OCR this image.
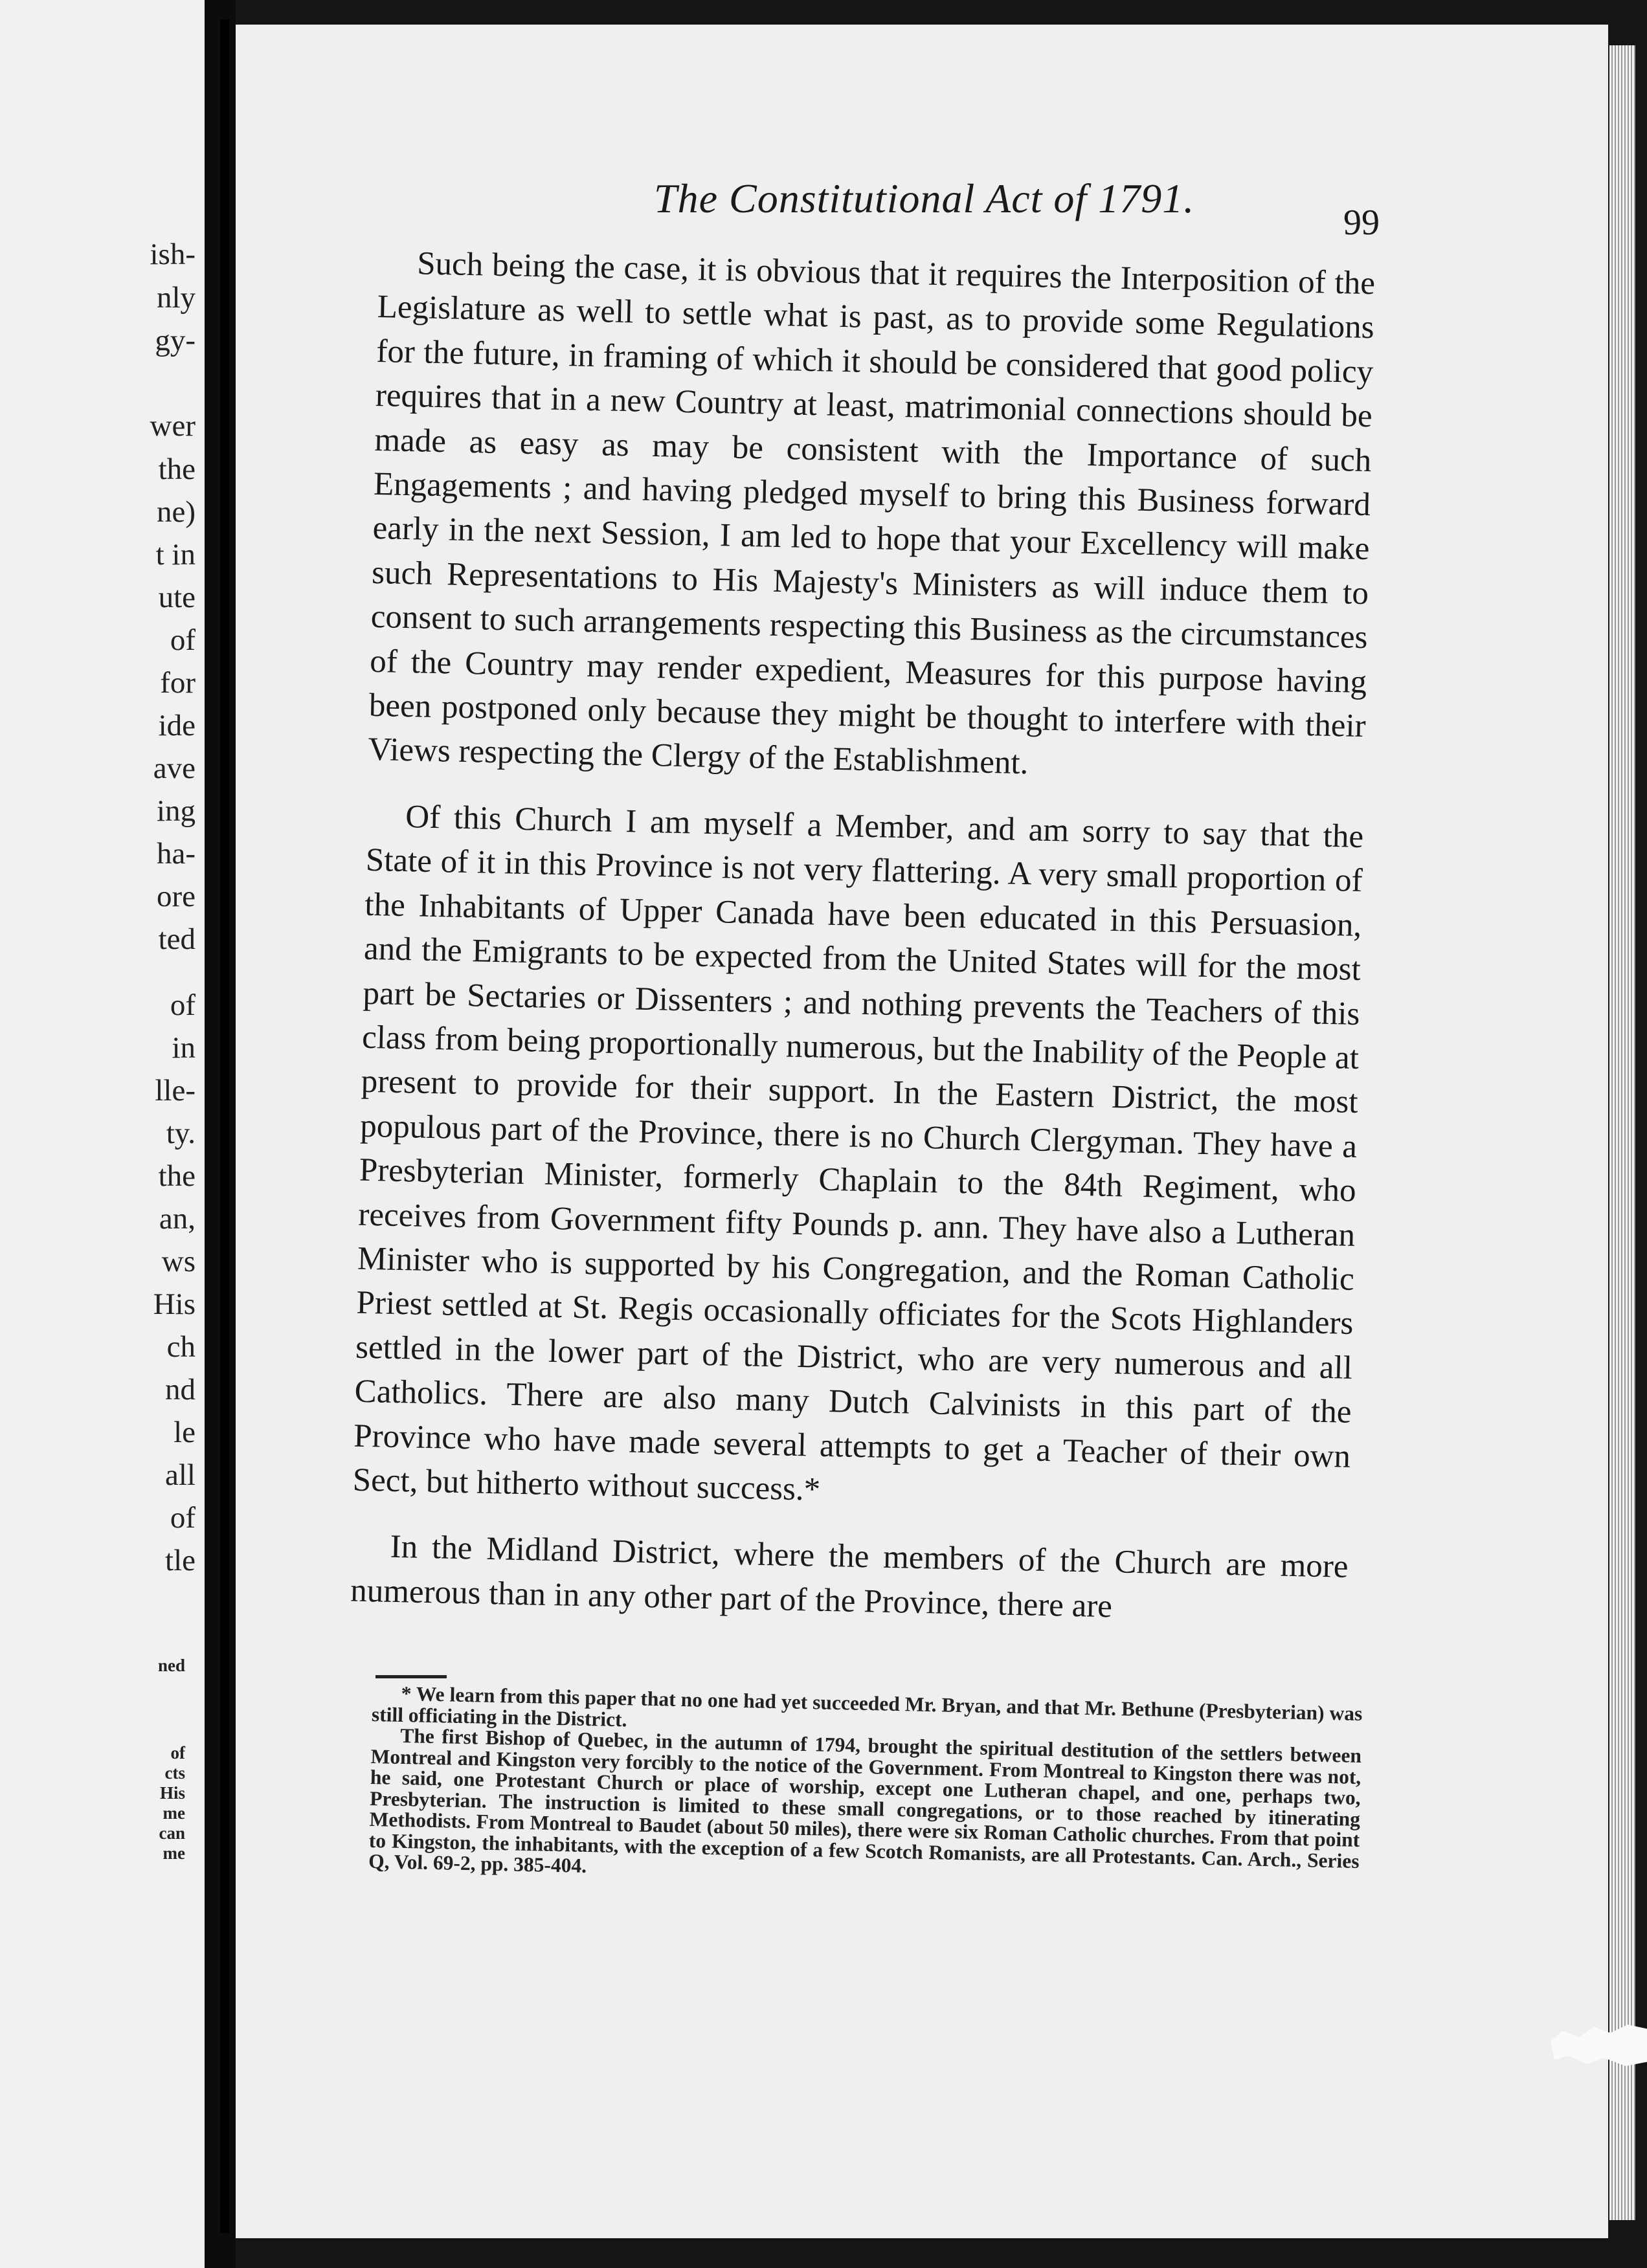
ish-
nly
gy-
wer
the
ne)
t in
ute
of
for
ide
ave
ing
ha-
ore
ted
of
in
lle-
ty.
the
an,
ws
His
ch
nd
le
all
of
tle
ned
of
cts
His
me
can
me
The Constitutional Act of 1791.
99

Such being the case, it is obvious that it requires the Interposition of the Legislature as well to settle what is past, as to provide some Regulations for the future, in framing of which it should be considered that good policy requires that in a new Country at least, matrimonial connections should be made as easy as may be consistent with the Importance of such Engagements ; and having pledged myself to bring this Business forward early in the next Session, I am led to hope that your Excellency will make such Representations to His Majesty's Ministers as will induce them to consent to such arrangements respecting this Business as the circumstances of the Country may render expedient, Measures for this purpose having been postponed only because they might be thought to interfere with their Views respecting the Clergy of the Establishment.

Of this Church I am myself a Member, and am sorry to say that the State of it in this Province is not very flattering. A very small proportion of the Inhabitants of Upper Canada have been educated in this Persuasion, and the Emigrants to be expected from the United States will for the most part be Sectaries or Dissenters ; and nothing prevents the Teachers of this class from being proportionally numerous, but the Inability of the People at present to provide for their support. In the Eastern District, the most populous part of the Province, there is no Church Clergyman. They have a Presbyterian Minister, formerly Chaplain to the 84th Regiment, who receives from Government fifty Pounds p. ann. They have also a Lutheran Minister who is supported by his Congregation, and the Roman Catholic Priest settled at St. Regis occasionally officiates for the Scots Highlanders settled in the lower part of the District, who are very numerous and all Catholics. There are also many Dutch Calvinists in this part of the Province who have made several attempts to get a Teacher of their own Sect, but hitherto without success.*

In the Midland District, where the members of the Church are more numerous than in any other part of the Province, there are

* We learn from this paper that no one had yet succeeded Mr. Bryan, and that Mr. Bethune (Presbyterian) was still officiating in the District.

The first Bishop of Quebec, in the autumn of 1794, brought the spiritual destitution of the settlers between Montreal and Kingston very forcibly to the notice of the Government. From Montreal to Kingston there was not, he said, one Protestant Church or place of worship, except one Lutheran chapel, and one, perhaps two, Presbyterian. The instruction is limited to these small congregations, or to those reached by itinerating Methodists. From Montreal to Baudet (about 50 miles), there were six Roman Catholic churches. From that point to Kingston, the inhabitants, with the exception of a few Scotch Romanists, are all Protestants. Can. Arch., Series Q, Vol. 69-2, pp. 385-404.
